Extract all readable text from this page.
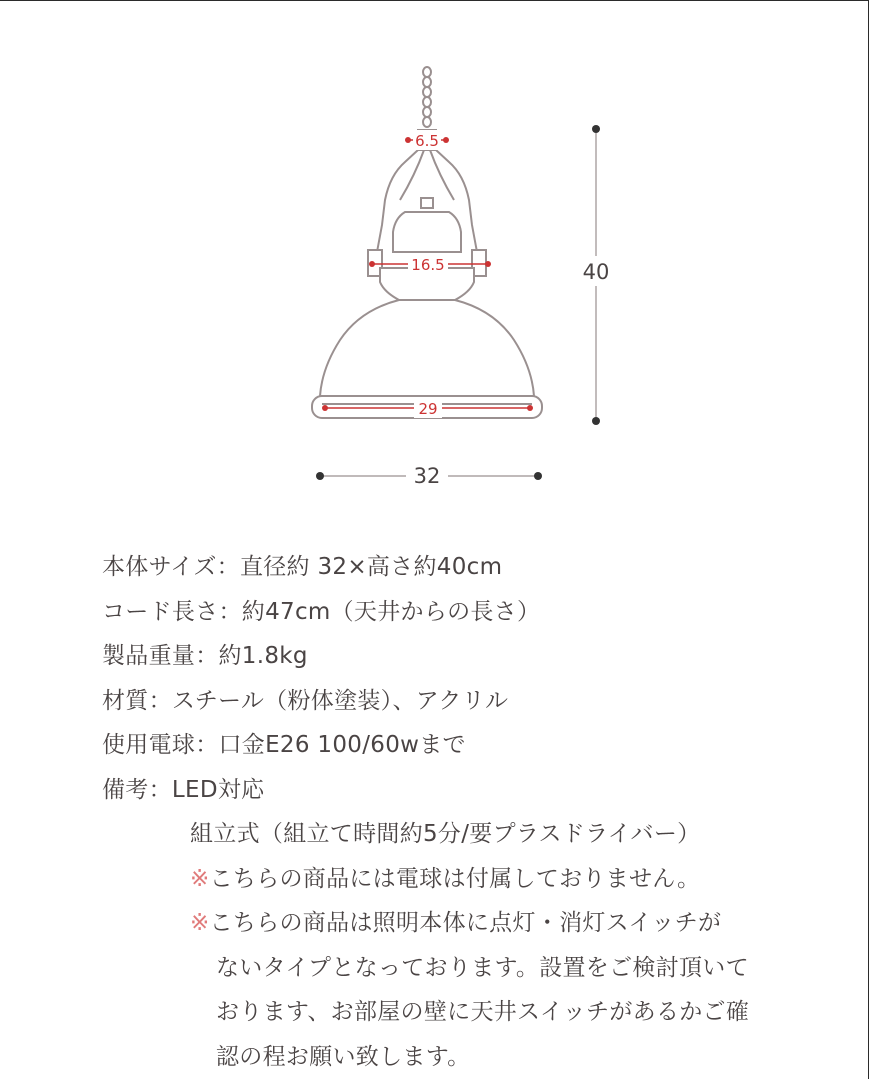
6.5
16.5
29
32
40
本体サイズ：直径約 32×高さ約40cm
コード長さ：約47cm（天井からの長さ）
製品重量：約1.8kg
材質：スチール（粉体塗装）、アクリル
使用電球：口金E26 100/60wまで
備考：LED対応
組立式（組立て時間約5分/要プラスドライバー）
※こちらの商品には電球は付属しておりません。
※こちらの商品は照明本体に点灯・消灯スイッチが
ないタイプとなっております。設置をご検討頂いて
おります、お部屋の壁に天井スイッチがあるかご確
認の程お願い致します。
